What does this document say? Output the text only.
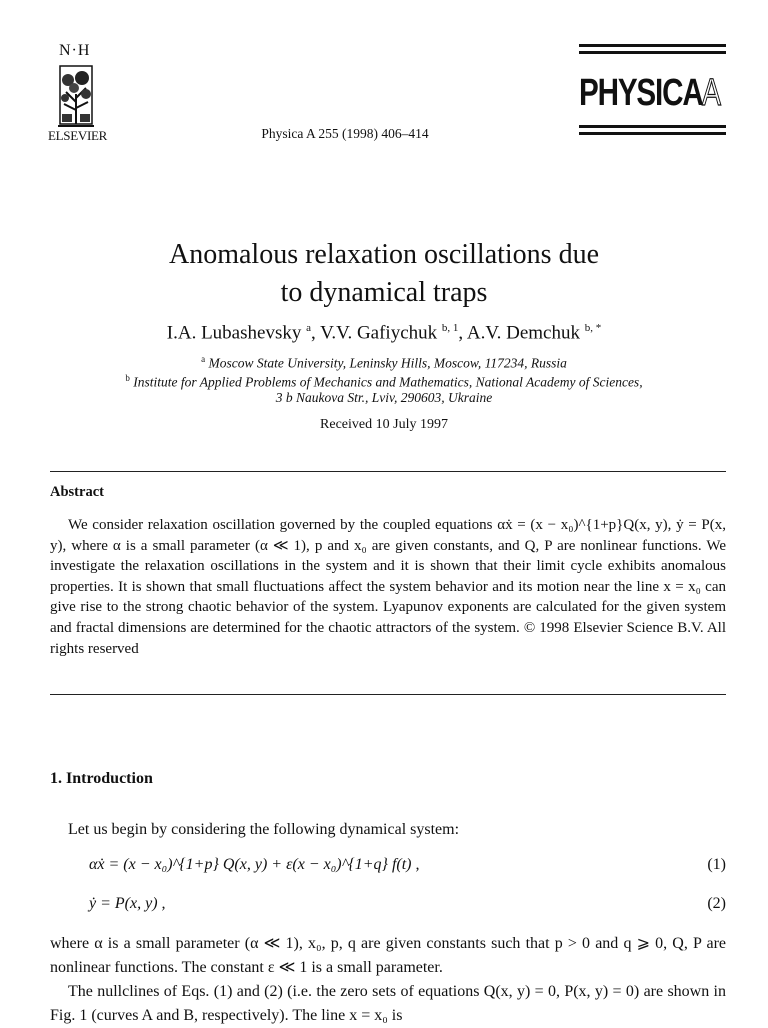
N·H
ELSEVIER	Physica A 255 (1998) 406–414
PHYSICA A
Anomalous relaxation oscillations due
to dynamical traps
I.A. Lubashevsky $^a$, V.V. Gafiychuk $^{b, 1}$, A.V. Demchuk $^{b, *}$
$^a$ Moscow State University, Leninsky Hills, Moscow, 117234, Russia
$^b$ Institute for Applied Problems of Mechanics and Mathematics, National Academy of Sciences,
3 b Naukova Str., Lviv, 290603, Ukraine
Received 10 July 1997
Abstract
We consider relaxation oscillation governed by the coupled equations αẋ = (x − x₀)^{1+p}Q(x, y), ẏ = P(x, y), where α is a small parameter (α ≪ 1), p and x₀ are given constants, and Q, P are nonlinear functions. We investigate the relaxation oscillations in the system and it is shown that their limit cycle exhibits anomalous properties. It is shown that small fluctuations affect the system behavior and its motion near the line x = x₀ can give rise to the strong chaotic behavior of the system. Lyapunov exponents are calculated for the given system and fractal dimensions are determined for the chaotic attractors of the system. © 1998 Elsevier Science B.V. All rights reserved
1. Introduction
Let us begin by considering the following dynamical system:
αẋ = (x − x₀)^{1+p} Q(x, y) + ε(x − x₀)^{1+q} f(t) ,	(1)
ẏ = P(x, y) ,	(2)
where α is a small parameter (α ≪ 1), x₀, p, q are given constants such that p > 0 and q ⩾ 0, Q, P are nonlinear functions. The constant ε ≪ 1 is a small parameter.
The nullclines of Eqs. (1) and (2) (i.e. the zero sets of equations Q(x, y) = 0, P(x, y) = 0) are shown in Fig. 1 (curves A and B, respectively). The line x = x₀ is
